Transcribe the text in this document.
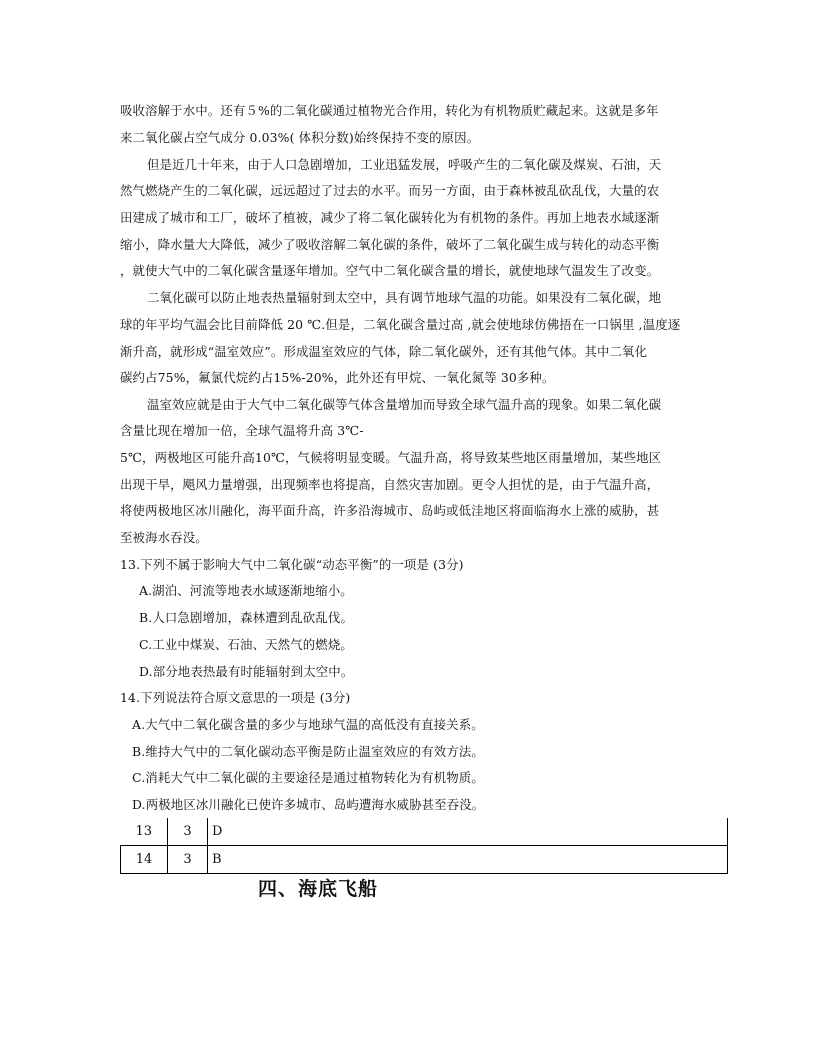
吸收溶解于水中。还有５%的二氧化碳通过植物光合作用，转化为有机物质贮藏起来。这就是多年
来二氧化碳占空气成分 0.03%( 体积分数)始终保持不变的原因。
但是近几十年来，由于人口急剧增加，工业迅猛发展，呼吸产生的二氧化碳及煤炭、石油，天
然气燃烧产生的二氧化碳，远远超过了过去的水平。而另一方面，由于森林被乱砍乱伐，大量的农
田建成了城市和工厂，破坏了植被，减少了将二氧化碳转化为有机物的条件。再加上地表水域逐渐
缩小，降水量大大降低，减少了吸收溶解二氧化碳的条件，破坏了二氧化碳生成与转化的动态平衡
，就使大气中的二氧化碳含量逐年增加。空气中二氧化碳含量的增长，就使地球气温发生了改变。
二氧化碳可以防止地表热量辐射到太空中，具有调节地球气温的功能。如果没有二氧化碳，地
球的年平均气温会比目前降低 20 ℃.但是，二氧化碳含量过高 ,就会使地球仿佛捂在一口锅里 ,温度逐
渐升高，就形成“温室效应”。形成温室效应的气体，除二氧化碳外，还有其他气体。其中二氧化
碳约占75%，氟氯代烷约占15%-20%，此外还有甲烷、一氧化氮等 30多种。
温室效应就是由于大气中二氧化碳等气体含量增加而导致全球气温升高的现象。如果二氧化碳
含量比现在增加一倍，全球气温将升高 3℃-
5℃，两极地区可能升高10℃，气候将明显变暖。气温升高，将导致某些地区雨量增加，某些地区
出现干旱，飓风力量增强，出现频率也将提高，自然灾害加剧。更令人担忧的是，由于气温升高，
将使两极地区冰川融化，海平面升高，许多沿海城市、岛屿或低洼地区将面临海水上涨的威胁，甚
至被海水吞没。
13.下列不属于影响大气中二氧化碳“动态平衡”的一项是 (3分)
A.湖泊、河流等地表水域逐渐地缩小。
B.人口急剧增加，森林遭到乱砍乱伐。
C.工业中煤炭、石油、天然气的燃烧。
D.部分地表热最有时能辐射到太空中。
14.下列说法符合原文意思的一项是 (3分)
A.大气中二氧化碳含量的多少与地球气温的高低没有直接关系。
B.维持大气中的二氧化碳动态平衡是防止温室效应的有效方法。
C.消耗大气中二氧化碳的主要途径是通过植物转化为有机物质。
D.两极地区冰川融化已使许多城市、岛屿遭海水威胁甚至吞没。
13	3	D
14	3	B
四、海底飞船
